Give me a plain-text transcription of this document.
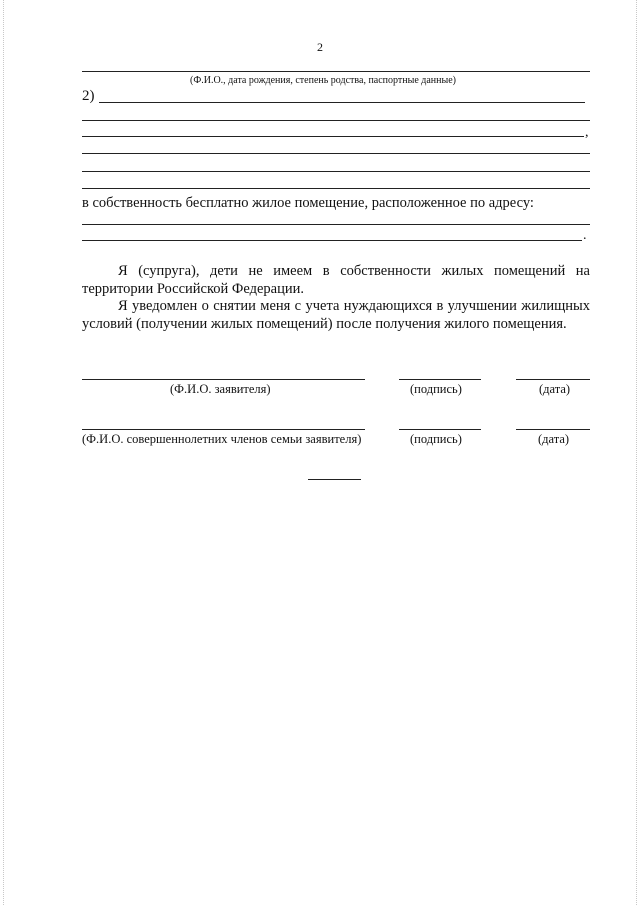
2
(Ф.И.О., дата рождения, степень родства, паспортные данные)
2)
,
в собственность бесплатно жилое помещение, расположенное по адресу:
.
Я (супруга), дети не имеем в собственности жилых помещений на территории Российской Федерации.
Я уведомлен о снятии меня с учета нуждающихся в улучшении жилищных условий (получении жилых помещений) после получения жилого помещения.
(Ф.И.О. заявителя)	(подпись)	(дата)
(Ф.И.О. совершеннолетних членов семьи заявителя)	(подпись)	(дата)
